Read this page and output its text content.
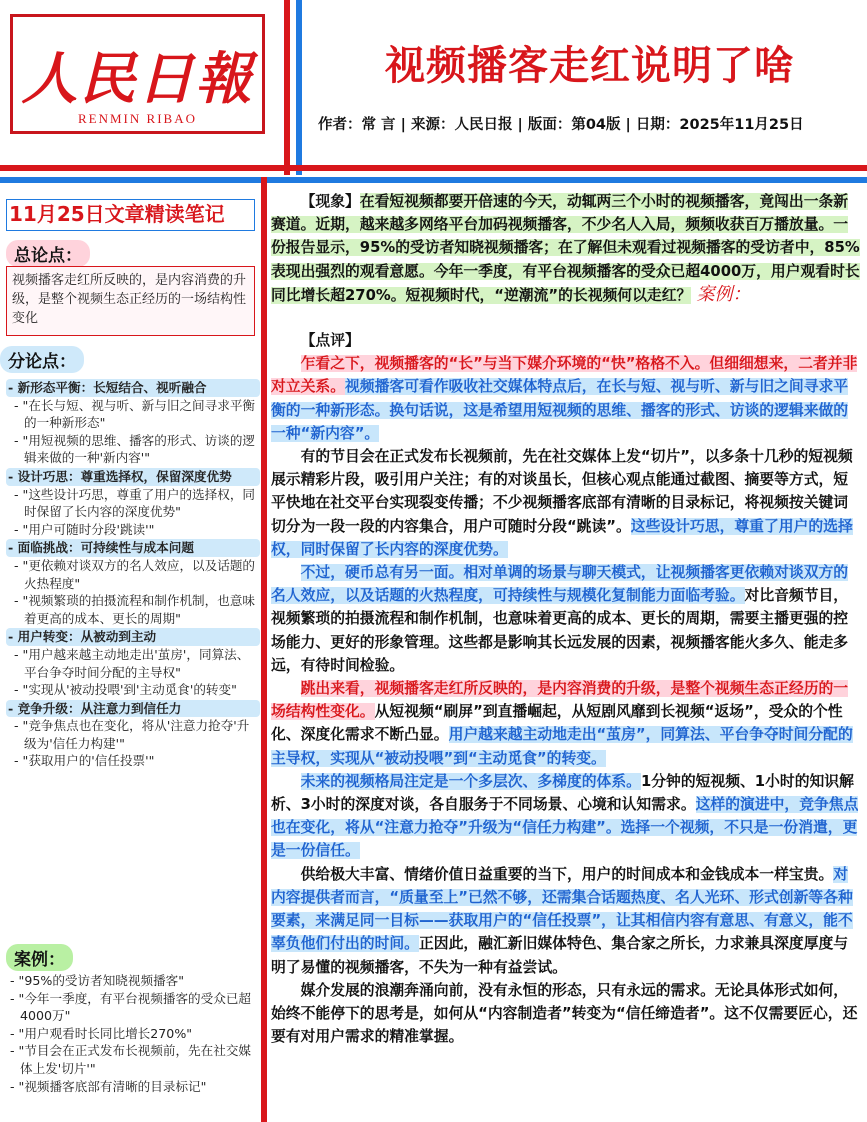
人民日報
RENMIN RIBAO
视频播客走红说明了啥
作者：常 言 | 来源：人民日报 | 版面：第04版 | 日期：2025年11月25日
11月25日文章精读笔记
总论点：
视频播客走红所反映的，是内容消费的升级，是整个视频生态正经历的一场结构性变化
分论点：
- 新形态平衡：长短结合、视听融合
- "在长与短、视与听、新与旧之间寻求平衡的一种新形态"
- "用短视频的思维、播客的形式、访谈的逻辑来做的一种'新内容'"
- 设计巧思：尊重选择权，保留深度优势
- "这些设计巧思，尊重了用户的选择权，同时保留了长内容的深度优势"
- "用户可随时分段'跳读'"
- 面临挑战：可持续性与成本问题
- "更依赖对谈双方的名人效应，以及话题的火热程度"
- "视频繁琐的拍摄流程和制作机制，也意味着更高的成本、更长的周期"
- 用户转变：从被动到主动
- "用户越来越主动地走出'茧房'，同算法、平台争夺时间分配的主导权"
- "实现从'被动投喂'到'主动觅食'的转变"
- 竞争升级：从注意力到信任力
- "竞争焦点也在变化，将从'注意力抢夺'升级为'信任力构建'"
- "获取用户的'信任投票'"
案例：
- "95%的受访者知晓视频播客"
- "今年一季度，有平台视频播客的受众已超4000万"
- "用户观看时长同比增长270%"
- "节目会在正式发布长视频前，先在社交媒体上发'切片'"
- "视频播客底部有清晰的目录标记"

【现象】在看短视频都要开倍速的今天，动辄两三个小时的视频播客，竟闯出一条新赛道。近期，越来越多网络平台加码视频播客，不少名人入局，频频收获百万播放量。一份报告显示，95%的受访者知晓视频播客；在了解但未观看过视频播客的受访者中，85%表现出强烈的观看意愿。今年一季度，有平台视频播客的受众已超4000万，用户观看时长同比增长超270%。短视频时代，“逆潮流”的长视频何以走红？ 案例：

【点评】

乍看之下，视频播客的“长”与当下媒介环境的“快”格格不入。但细细想来，二者并非对立关系。视频播客可看作吸收社交媒体特点后，在长与短、视与听、新与旧之间寻求平衡的一种新形态。换句话说，这是希望用短视频的思维、播客的形式、访谈的逻辑来做的一种“新内容”。

有的节目会在正式发布长视频前，先在社交媒体上发“切片”，以多条十几秒的短视频展示精彩片段，吸引用户关注；有的对谈虽长，但核心观点能通过截图、摘要等方式，短平快地在社交平台实现裂变传播；不少视频播客底部有清晰的目录标记，将视频按关键词切分为一段一段的内容集合，用户可随时分段“跳读”。这些设计巧思，尊重了用户的选择权，同时保留了长内容的深度优势。

不过，硬币总有另一面。相对单调的场景与聊天模式，让视频播客更依赖对谈双方的名人效应，以及话题的火热程度，可持续性与规模化复制能力面临考验。对比音频节目，视频繁琐的拍摄流程和制作机制，也意味着更高的成本、更长的周期，需要主播更强的控场能力、更好的形象管理。这些都是影响其长远发展的因素，视频播客能火多久、能走多远，有待时间检验。

跳出来看，视频播客走红所反映的，是内容消费的升级，是整个视频生态正经历的一场结构性变化。从短视频“刷屏”到直播崛起，从短剧风靡到长视频“返场”，受众的个性化、深度化需求不断凸显。用户越来越主动地走出“茧房”，同算法、平台争夺时间分配的主导权，实现从“被动投喂”到“主动觅食”的转变。

未来的视频格局注定是一个多层次、多梯度的体系。1分钟的短视频、1小时的知识解析、3小时的深度对谈，各自服务于不同场景、心境和认知需求。这样的演进中，竞争焦点也在变化，将从“注意力抢夺”升级为“信任力构建”。选择一个视频，不只是一份消遣，更是一份信任。

供给极大丰富、情绪价值日益重要的当下，用户的时间成本和金钱成本一样宝贵。对内容提供者而言，“质量至上”已然不够，还需集合话题热度、名人光环、形式创新等各种要素，来满足同一目标——获取用户的“信任投票”，让其相信内容有意思、有意义，能不辜负他们付出的时间。正因此，融汇新旧媒体特色、集合家之所长，力求兼具深度厚度与明了易懂的视频播客，不失为一种有益尝试。

媒介发展的浪潮奔涌向前，没有永恒的形态，只有永远的需求。无论具体形式如何，始终不能停下的思考是，如何从“内容制造者”转变为“信任缔造者”。这不仅需要匠心，还要有对用户需求的精准掌握。
